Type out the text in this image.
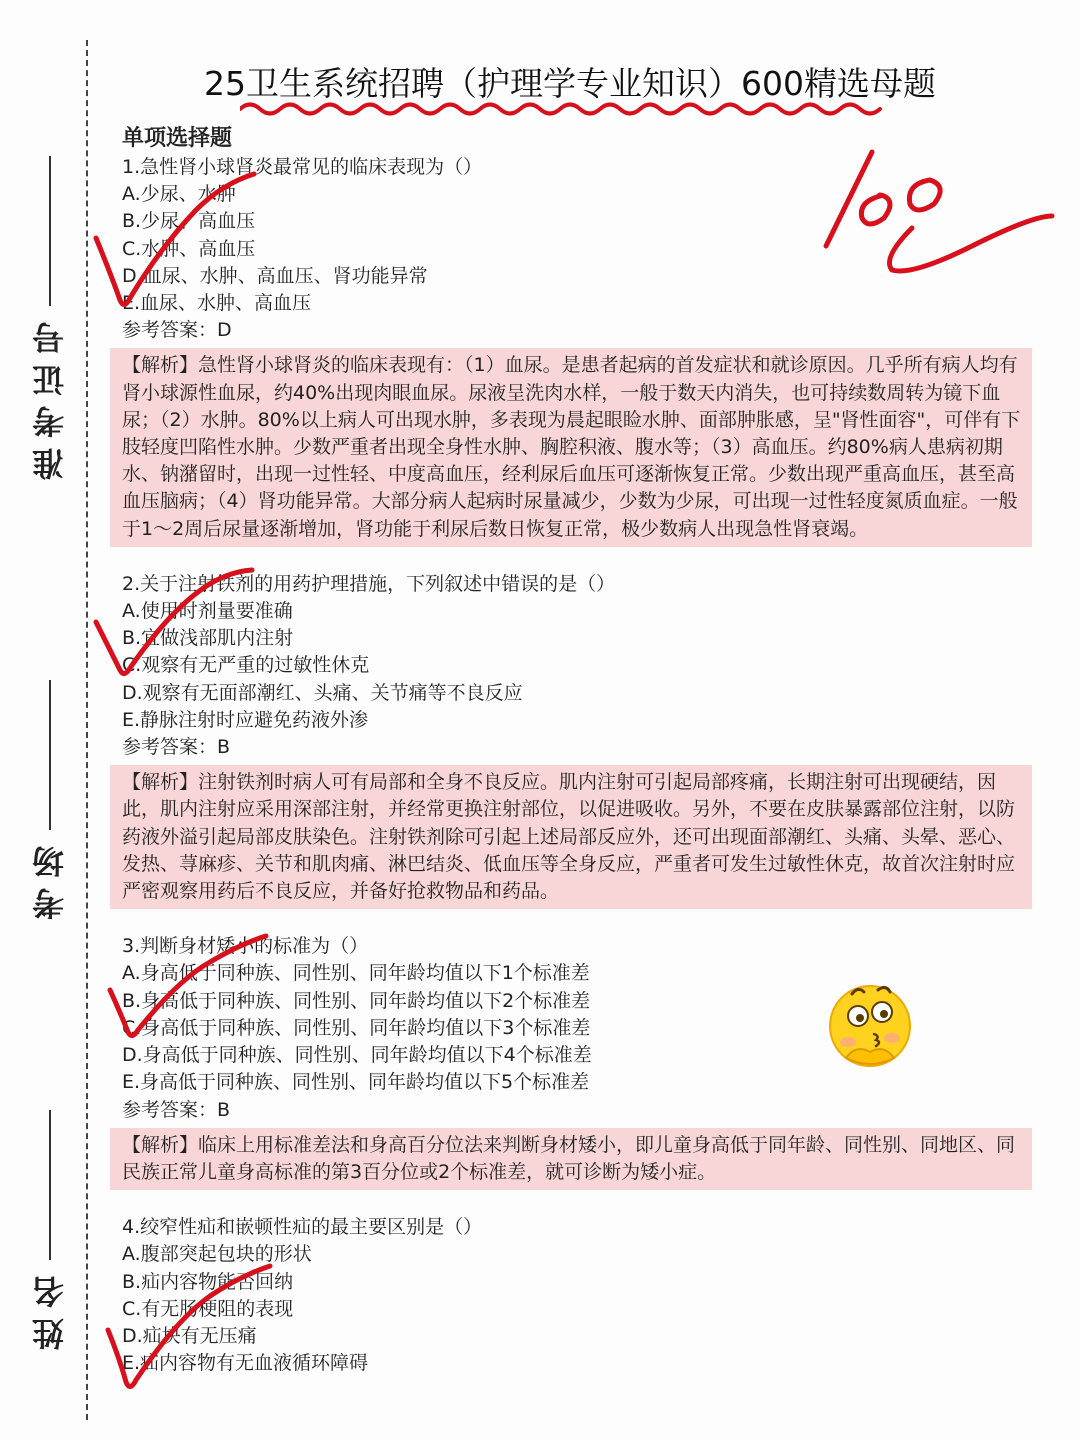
准考证号
考场
姓名
25卫生系统招聘（护理学专业知识）600精选母题
单项选择题
1.急性肾小球肾炎最常见的临床表现为（）
A.少尿、水肿
B.少尿、高血压
C.水肿、高血压
D.血尿、水肿、高血压、肾功能异常
E.血尿、水肿、高血压
参考答案：D
【解析】急性肾小球肾炎的临床表现有：（1）血尿。是患者起病的首发症状和就诊原因。几乎所有病人均有肾小球源性血尿，约40%出现肉眼血尿。尿液呈洗肉水样，一般于数天内消失，也可持续数周转为镜下血尿；（2）水肿。80%以上病人可出现水肿，多表现为晨起眼睑水肿、面部肿胀感，呈"肾性面容"，可伴有下肢轻度凹陷性水肿。少数严重者出现全身性水肿、胸腔积液、腹水等；（3）高血压。约80%病人患病初期水、钠潴留时，出现一过性轻、中度高血压，经利尿后血压可逐渐恢复正常。少数出现严重高血压，甚至高血压脑病；（4）肾功能异常。大部分病人起病时尿量减少，少数为少尿，可出现一过性轻度氮质血症。一般于1～2周后尿量逐渐增加，肾功能于利尿后数日恢复正常，极少数病人出现急性肾衰竭。
2.关于注射铁剂的用药护理措施，下列叙述中错误的是（）
A.使用时剂量要准确
B.宜做浅部肌内注射
C.观察有无严重的过敏性休克
D.观察有无面部潮红、头痛、关节痛等不良反应
E.静脉注射时应避免药液外渗
参考答案：B
【解析】注射铁剂时病人可有局部和全身不良反应。肌内注射可引起局部疼痛，长期注射可出现硬结，因此，肌内注射应采用深部注射，并经常更换注射部位，以促进吸收。另外，不要在皮肤暴露部位注射，以防药液外溢引起局部皮肤染色。注射铁剂除可引起上述局部反应外，还可出现面部潮红、头痛、头晕、恶心、发热、荨麻疹、关节和肌肉痛、淋巴结炎、低血压等全身反应，严重者可发生过敏性休克，故首次注射时应严密观察用药后不良反应，并备好抢救物品和药品。
3.判断身材矮小的标准为（）
A.身高低于同种族、同性别、同年龄均值以下1个标准差
B.身高低于同种族、同性别、同年龄均值以下2个标准差
C.身高低于同种族、同性别、同年龄均值以下3个标准差
D.身高低于同种族、同性别、同年龄均值以下4个标准差
E.身高低于同种族、同性别、同年龄均值以下5个标准差
参考答案：B
【解析】临床上用标准差法和身高百分位法来判断身材矮小，即儿童身高低于同年龄、同性别、同地区、同民族正常儿童身高标准的第3百分位或2个标准差，就可诊断为矮小症。
4.绞窄性疝和嵌顿性疝的最主要区别是（）
A.腹部突起包块的形状
B.疝内容物能否回纳
C.有无肠梗阻的表现
D.疝块有无压痛
E.疝内容物有无血液循环障碍
